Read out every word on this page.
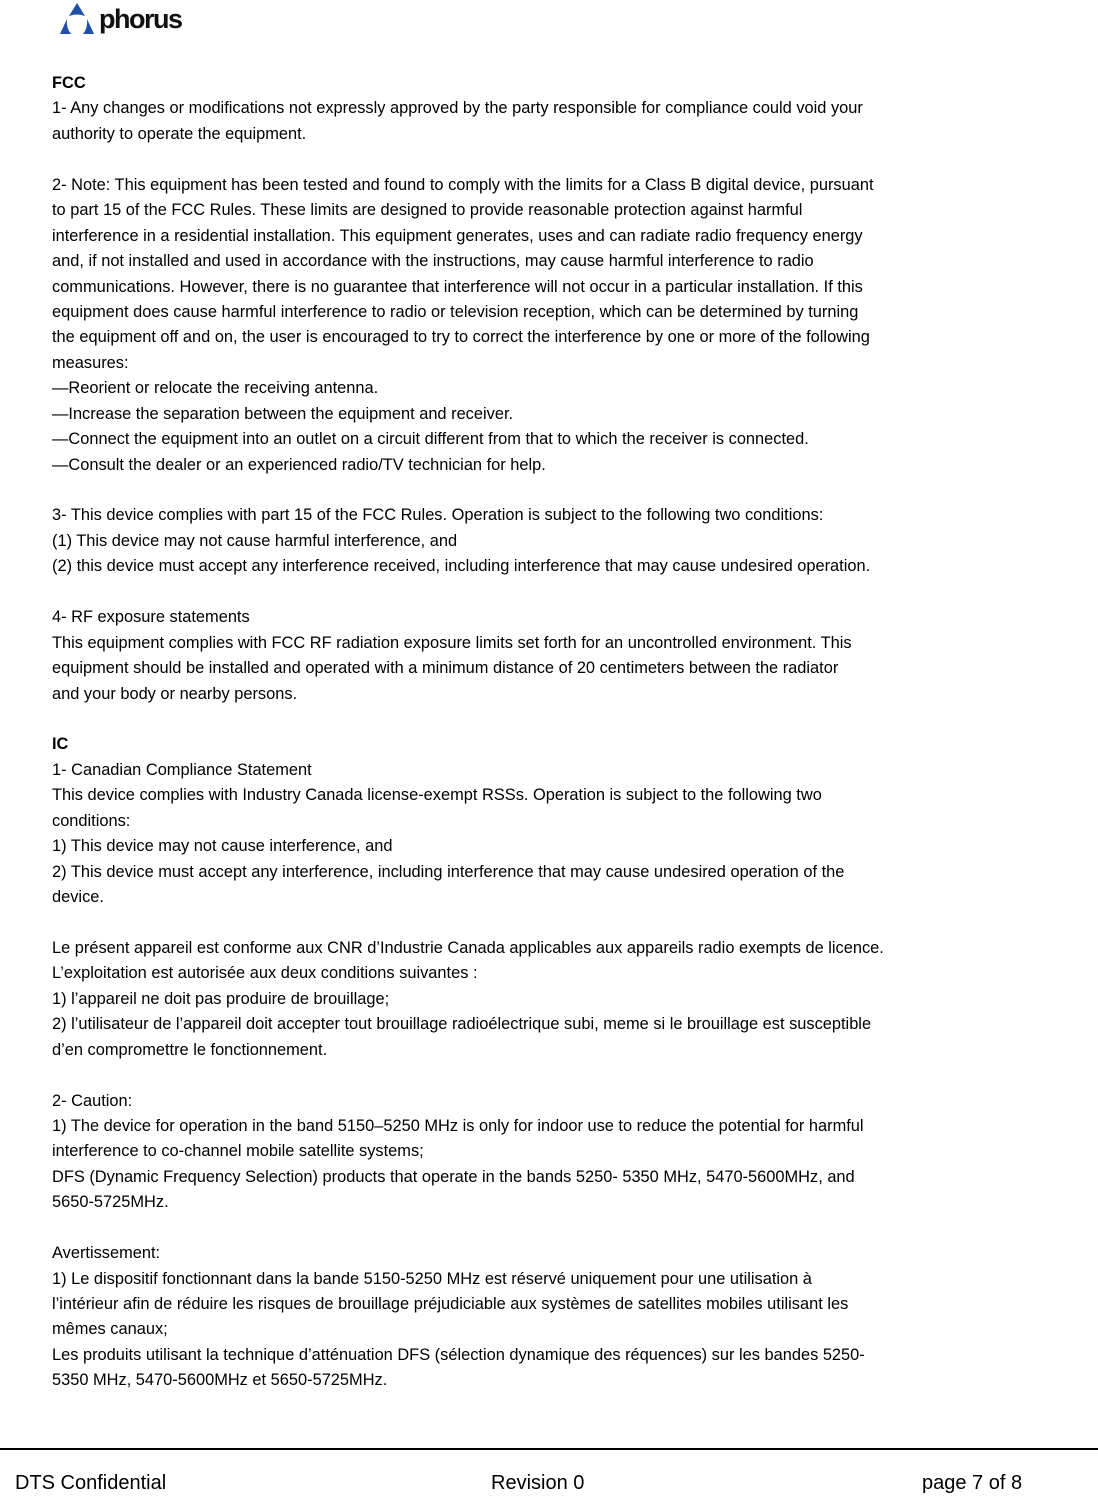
phorus
FCC
1- Any changes or modifications not expressly approved by the party responsible for compliance could void your
authority to operate the equipment.
2- Note: This equipment has been tested and found to comply with the limits for a Class B digital device, pursuant
to part 15 of the FCC Rules. These limits are designed to provide reasonable protection against harmful
interference in a residential installation. This equipment generates, uses and can radiate radio frequency energy
and, if not installed and used in accordance with the instructions, may cause harmful interference to radio
communications. However, there is no guarantee that interference will not occur in a particular installation. If this
equipment does cause harmful interference to radio or television reception, which can be determined by turning
the equipment off and on, the user is encouraged to try to correct the interference by one or more of the following
measures:
—Reorient or relocate the receiving antenna.
—Increase the separation between the equipment and receiver.
—Connect the equipment into an outlet on a circuit different from that to which the receiver is connected.
—Consult the dealer or an experienced radio/TV technician for help.
3- This device complies with part 15 of the FCC Rules. Operation is subject to the following two conditions:
(1) This device may not cause harmful interference, and
(2) this device must accept any interference received, including interference that may cause undesired operation.
4- RF exposure statements
This equipment complies with FCC RF radiation exposure limits set forth for an uncontrolled environment. This
equipment should be installed and operated with a minimum distance of 20 centimeters between the radiator
and your body or nearby persons.
IC
1- Canadian Compliance Statement
This device complies with Industry Canada license-exempt RSSs. Operation is subject to the following two
conditions:
1) This device may not cause interference, and
2) This device must accept any interference, including interference that may cause undesired operation of the
device.
Le présent appareil est conforme aux CNR d’Industrie Canada applicables aux appareils radio exempts de licence.
L’exploitation est autorisée aux deux conditions suivantes :
1) l’appareil ne doit pas produire de brouillage;
2) l’utilisateur de l’appareil doit accepter tout brouillage radioélectrique subi, meme si le brouillage est susceptible
d’en compromettre le fonctionnement.
2- Caution:
1) The device for operation in the band 5150–5250 MHz is only for indoor use to reduce the potential for harmful
interference to co-channel mobile satellite systems;
DFS (Dynamic Frequency Selection) products that operate in the bands 5250- 5350 MHz, 5470-5600MHz, and
5650-5725MHz.
Avertissement:
1) Le dispositif fonctionnant dans la bande 5150-5250 MHz est réservé uniquement pour une utilisation à
l’intérieur afin de réduire les risques de brouillage préjudiciable aux systèmes de satellites mobiles utilisant les
mêmes canaux;
Les produits utilisant la technique d’atténuation DFS (sélection dynamique des réquences) sur les bandes 5250-
5350 MHz, 5470-5600MHz et 5650-5725MHz.
DTS Confidential	Revision 0	page 7 of 8
